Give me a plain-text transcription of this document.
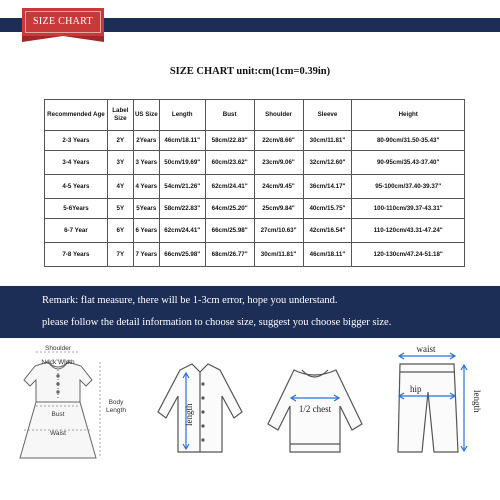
SIZE CHART
SIZE CHART unit:cm(1cm=0.39in)
Recommended Age	Label Size	US Size	Length	Bust	Shoulder	Sleeve	Height
2-3 Years	2Y	2Years	46cm/18.11"	58cm/22.83"	22cm/8.66"	30cm/11.81"	80-90cm/31.50-35.43"
3-4 Years	3Y	3 Years	50cm/19.69"	60cm/23.62"	23cm/9.06"	32cm/12.60"	90-95cm/35.43-37.40"
4-5 Years	4Y	4 Years	54cm/21.26"	62cm/24.41"	24cm/9.45"	36cm/14.17"	95-100cm/37.40-39.37"
5-6Years	5Y	5Years	58cm/22.83"	64cm/25.20"	25cm/9.84"	40cm/15.75"	100-110cm/39.37-43.31"
6-7 Year	6Y	6 Years	62cm/24.41"	66cm/25.98"	27cm/10.63"	42cm/16.54"	110-120cm/43.31-47.24"
7-8 Years	7Y	7 Years	66cm/25.98"	68cm/26.77"	30cm/11.81"	46cm/18.11"	120-130cm/47.24-51.18"
Remark: flat measure, there will be 1-3cm error, hope you understand.
please follow the detail information to choose size, suggest you choose bigger size.
Shoulder
Neck Width
Bust
Waist
Body
Length	length	1/2 chest
waist
hip
length
